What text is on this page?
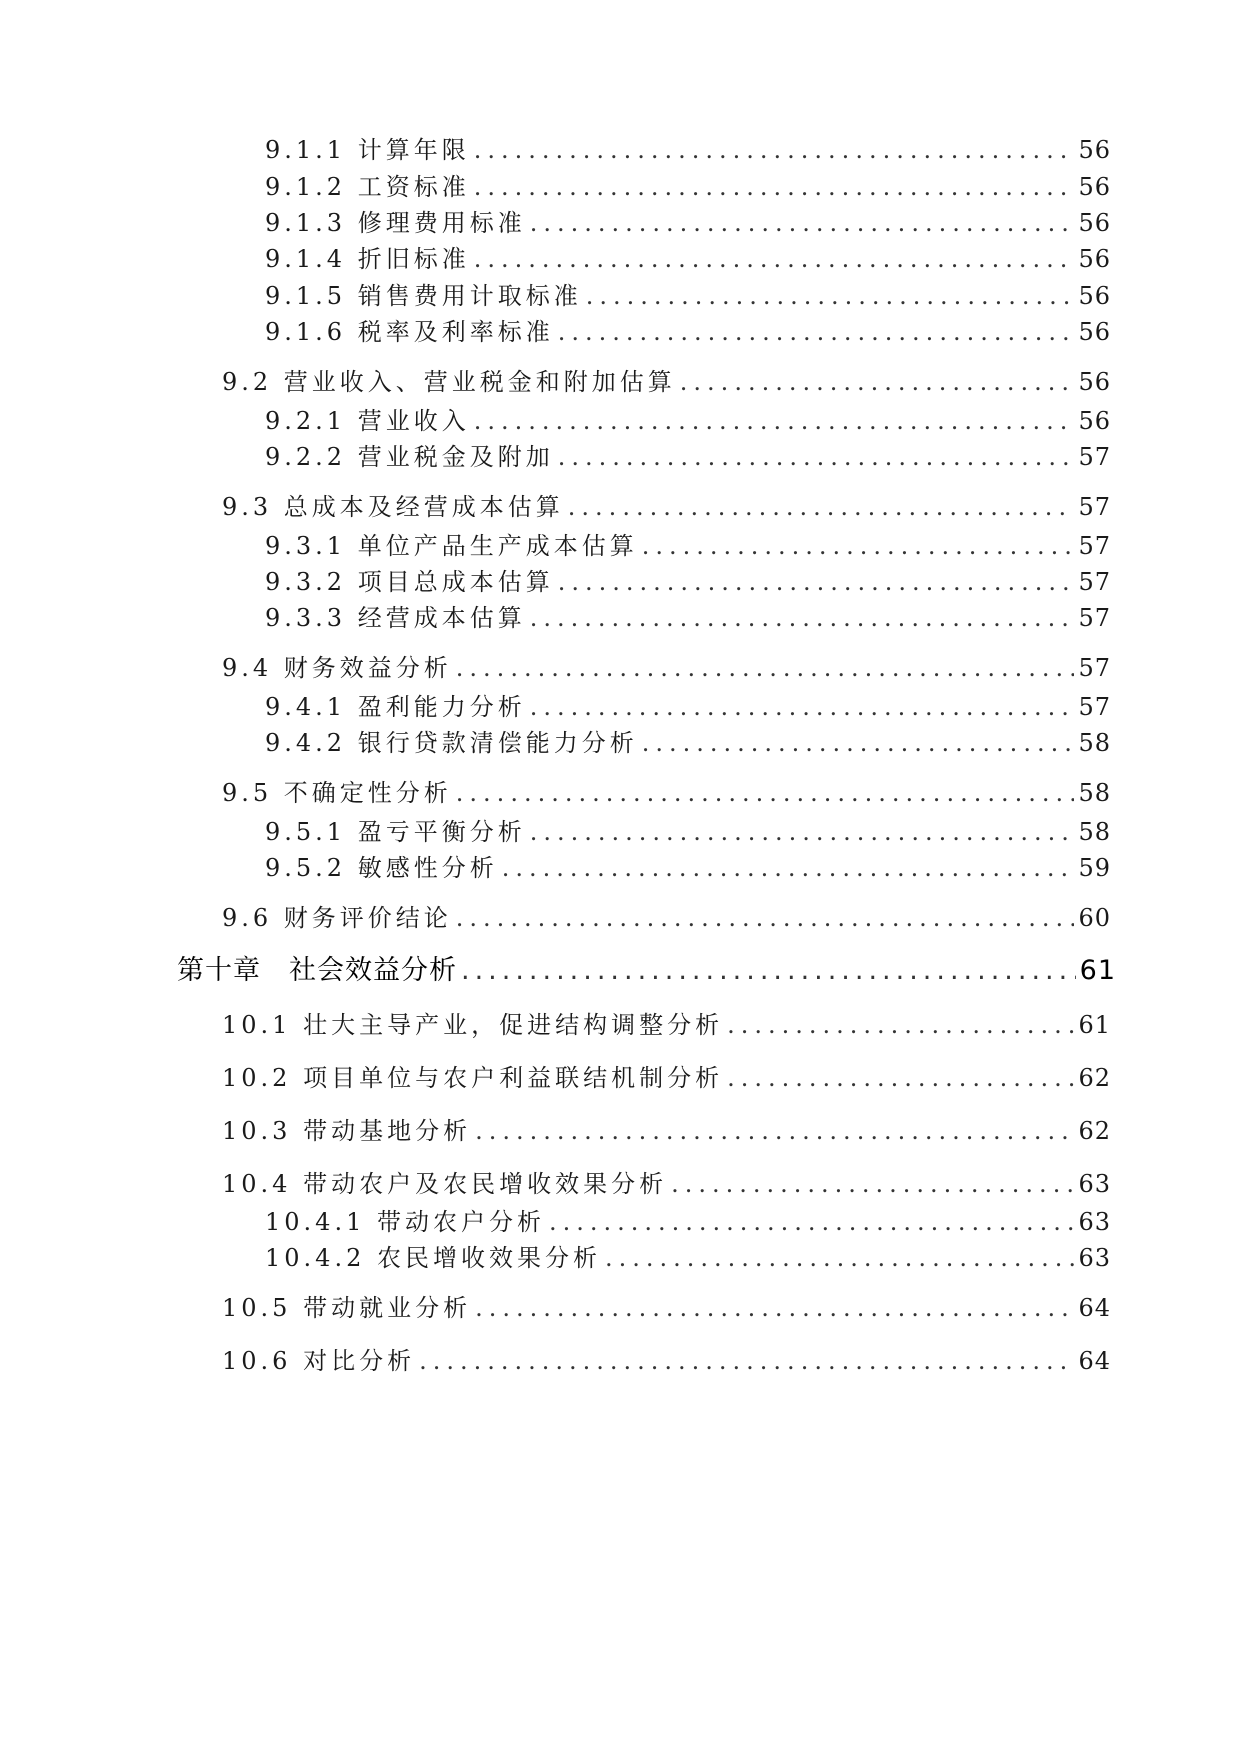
9.1.1 计算年限 .....	56
9.1.2 工资标准 .....	56
9.1.3 修理费用标准 .....	56
9.1.4 折旧标准 .....	56
9.1.5 销售费用计取标准 .....	56
9.1.6 税率及利率标准 .....	56
9.2 营业收入、营业税金和附加估算 .....	56
9.2.1 营业收入 .....	56
9.2.2 营业税金及附加 .....	57
9.3 总成本及经营成本估算 .....	57
9.3.1 单位产品生产成本估算 .....	57
9.3.2 项目总成本估算 .....	57
9.3.3 经营成本估算 .....	57
9.4 财务效益分析 .....	57
9.4.1 盈利能力分析 .....	57
9.4.2 银行贷款清偿能力分析 .....	58
9.5 不确定性分析 .....	58
9.5.1 盈亏平衡分析 .....	58
9.5.2 敏感性分析 .....	59
9.6 财务评价结论 .....	60
第十章　社会效益分析 .....	61
10.1 壮大主导产业，促进结构调整分析 .....	61
10.2 项目单位与农户利益联结机制分析 .....	62
10.3 带动基地分析 .....	62
10.4 带动农户及农民增收效果分析 .....	63
10.4.1 带动农户分析 .....	63
10.4.2 农民增收效果分析 .....	63
10.5 带动就业分析 .....	64
10.6 对比分析 .....	64
